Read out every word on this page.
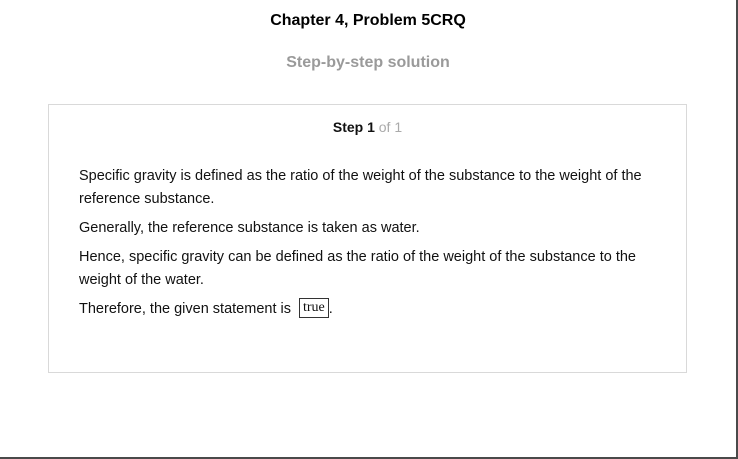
Chapter 4, Problem 5CRQ
Step-by-step solution
Step 1 of 1

Specific gravity is defined as the ratio of the weight of the substance to the weight of the reference substance.

Generally, the reference substance is taken as water.

Hence, specific gravity can be defined as the ratio of the weight of the substance to the weight of the water.

Therefore, the given statement is true .
